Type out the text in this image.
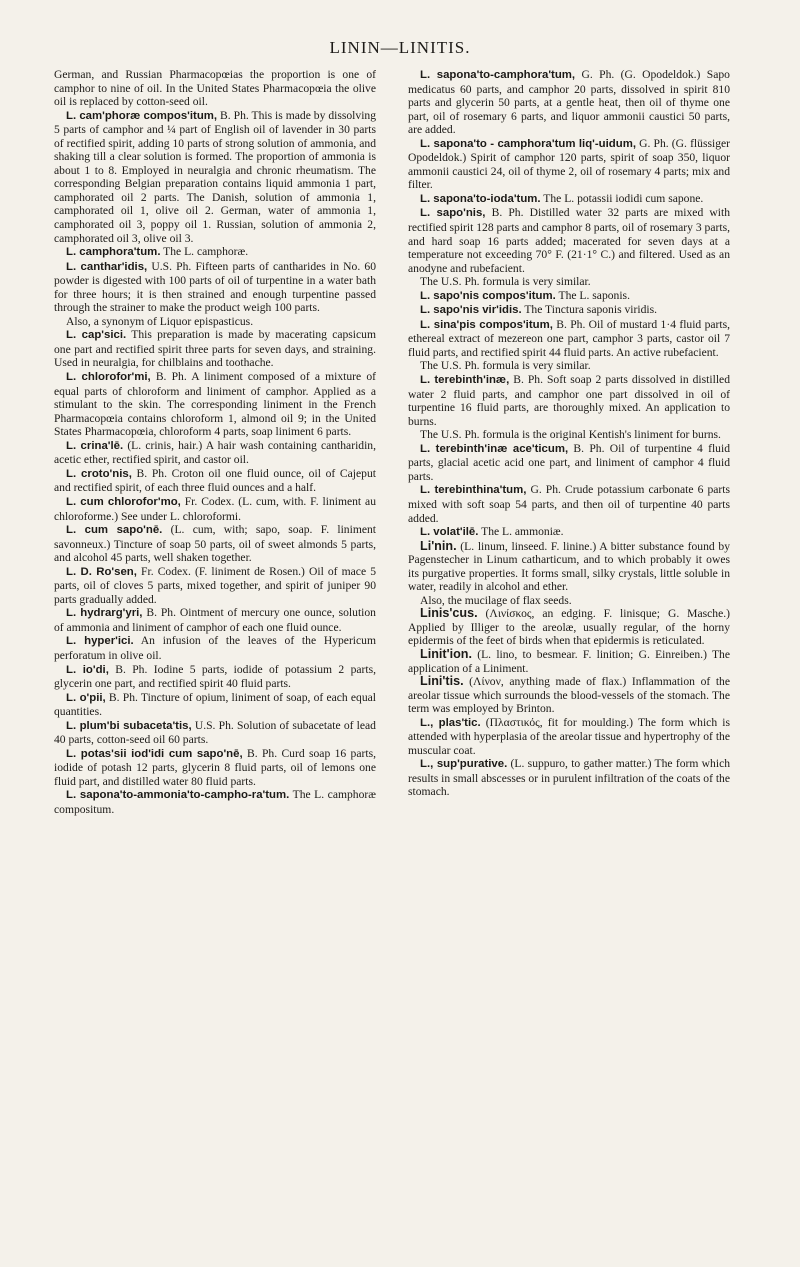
LININ—LINITIS.

German, and Russian Pharmacopœias the proportion is one of camphor to nine of oil. In the United States Pharmacopœia the olive oil is replaced by cotton-seed oil.

L. cam'phoræ compos'itum, B. Ph. This is made by dissolving 5 parts of camphor and ¼ part of English oil of lavender in 30 parts of rectified spirit, adding 10 parts of strong solution of ammonia, and shaking till a clear solution is formed. The proportion of ammonia is about 1 to 8. Employed in neuralgia and chronic rheumatism. The corresponding Belgian preparation contains liquid ammonia 1 part, camphorated oil 2 parts. The Danish, solution of ammonia 1, camphorated oil 1, olive oil 2. German, water of ammonia 1, camphorated oil 3, poppy oil 1. Russian, solution of ammonia 2, camphorated oil 3, olive oil 3.

L. camphora'tum. The L. camphoræ.

L. canthar'idis, U.S. Ph. Fifteen parts of cantharides in No. 60 powder is digested with 100 parts of oil of turpentine in a water bath for three hours; it is then strained and enough turpentine passed through the strainer to make the product weigh 100 parts.

Also, a synonym of Liquor epispasticus.

L. cap'sici. This preparation is made by macerating capsicum one part and rectified spirit three parts for seven days, and straining. Used in neuralgia, for chilblains and toothache.

L. chlorofor'mi, B. Ph. A liniment composed of a mixture of equal parts of chloroform and liniment of camphor. Applied as a stimulant to the skin. The corresponding liniment in the French Pharmacopœia contains chloroform 1, almond oil 9; in the United States Pharmacopœia, chloroform 4 parts, soap liniment 6 parts.

L. crina'lē. (L. crinis, hair.) A hair wash containing cantharidin, acetic ether, rectified spirit, and castor oil.

L. croto'nis, B. Ph. Croton oil one fluid ounce, oil of Cajeput and rectified spirit, of each three fluid ounces and a half.

L. cum chlorofor'mo, Fr. Codex. (L. cum, with. F. liniment au chloroforme.) See under L. chloroformi.

L. cum sapo'nē. (L. cum, with; sapo, soap. F. liniment savonneux.) Tincture of soap 50 parts, oil of sweet almonds 5 parts, and alcohol 45 parts, well shaken together.

L. D. Ro'sen, Fr. Codex. (F. liniment de Rosen.) Oil of mace 5 parts, oil of cloves 5 parts, mixed together, and spirit of juniper 90 parts gradually added.

L. hydrarg'yri, B. Ph. Ointment of mercury one ounce, solution of ammonia and liniment of camphor of each one fluid ounce.

L. hyper'ici. An infusion of the leaves of the Hypericum perforatum in olive oil.

L. io'di, B. Ph. Iodine 5 parts, iodide of potassium 2 parts, glycerin one part, and rectified spirit 40 fluid parts.

L. o'pii, B. Ph. Tincture of opium, liniment of soap, of each equal quantities.

L. plum'bi subaceta'tis, U.S. Ph. Solution of subacetate of lead 40 parts, cotton-seed oil 60 parts.

L. potas'sii iod'idi cum sapo'nē, B. Ph. Curd soap 16 parts, iodide of potash 12 parts, glycerin 8 fluid parts, oil of lemons one fluid part, and distilled water 80 fluid parts.

L. sapona'to-ammonia'to-campho-ra'tum. The L. camphoræ compositum.

L. sapona'to-camphora'tum, G. Ph. (G. Opodeldok.) Sapo medicatus 60 parts, and camphor 20 parts, dissolved in spirit 810 parts and glycerin 50 parts, at a gentle heat, then oil of thyme one part, oil of rosemary 6 parts, and liquor ammonii caustici 50 parts, are added.

L. sapona'to - camphora'tum liq'-uidum, G. Ph. (G. flüssiger Opodeldok.) Spirit of camphor 120 parts, spirit of soap 350, liquor ammonii caustici 24, oil of thyme 2, oil of rosemary 4 parts; mix and filter.

L. sapona'to-ioda'tum. The L. potassii iodidi cum sapone.

L. sapo'nis, B. Ph. Distilled water 32 parts are mixed with rectified spirit 128 parts and camphor 8 parts, oil of rosemary 3 parts, and hard soap 16 parts added; macerated for seven days at a temperature not exceeding 70° F. (21·1° C.) and filtered. Used as an anodyne and rubefacient.

The U.S. Ph. formula is very similar.

L. sapo'nis compos'itum. The L. saponis.

L. sapo'nis vir'idis. The Tinctura saponis viridis.

L. sina'pis compos'itum, B. Ph. Oil of mustard 1·4 fluid parts, ethereal extract of mezereon one part, camphor 3 parts, castor oil 7 fluid parts, and rectified spirit 44 fluid parts. An active rubefacient.

The U.S. Ph. formula is very similar.

L. terebinth'inæ, B. Ph. Soft soap 2 parts dissolved in distilled water 2 fluid parts, and camphor one part dissolved in oil of turpentine 16 fluid parts, are thoroughly mixed. An application to burns.

The U.S. Ph. formula is the original Kentish's liniment for burns.

L. terebinth'inæ ace'ticum, B. Ph. Oil of turpentine 4 fluid parts, glacial acetic acid one part, and liniment of camphor 4 fluid parts.

L. terebinthina'tum, G. Ph. Crude potassium carbonate 6 parts mixed with soft soap 54 parts, and then oil of turpentine 40 parts added.

L. volat'ilē. The L. ammoniæ.

Li'nin. (L. linum, linseed. F. linine.) A bitter substance found by Pagenstecher in Linum catharticum, and to which probably it owes its purgative properties. It forms small, silky crystals, little soluble in water, readily in alcohol and ether.

Also, the mucilage of flax seeds.

Linis'cus. (Λινίσκος, an edging. F. linisque; G. Masche.) Applied by Illiger to the areolæ, usually regular, of the horny epidermis of the feet of birds when that epidermis is reticulated.

Linit'ion. (L. lino, to besmear. F. linition; G. Einreiben.) The application of a Liniment.

Lini'tis. (Λίνον, anything made of flax.) Inflammation of the areolar tissue which surrounds the blood-vessels of the stomach. The term was employed by Brinton.

L., plas'tic. (Πλαστικός, fit for moulding.) The form which is attended with hyperplasia of the areolar tissue and hypertrophy of the muscular coat.

L., sup'purative. (L. suppuro, to gather matter.) The form which results in small abscesses or in purulent infiltration of the coats of the stomach.
